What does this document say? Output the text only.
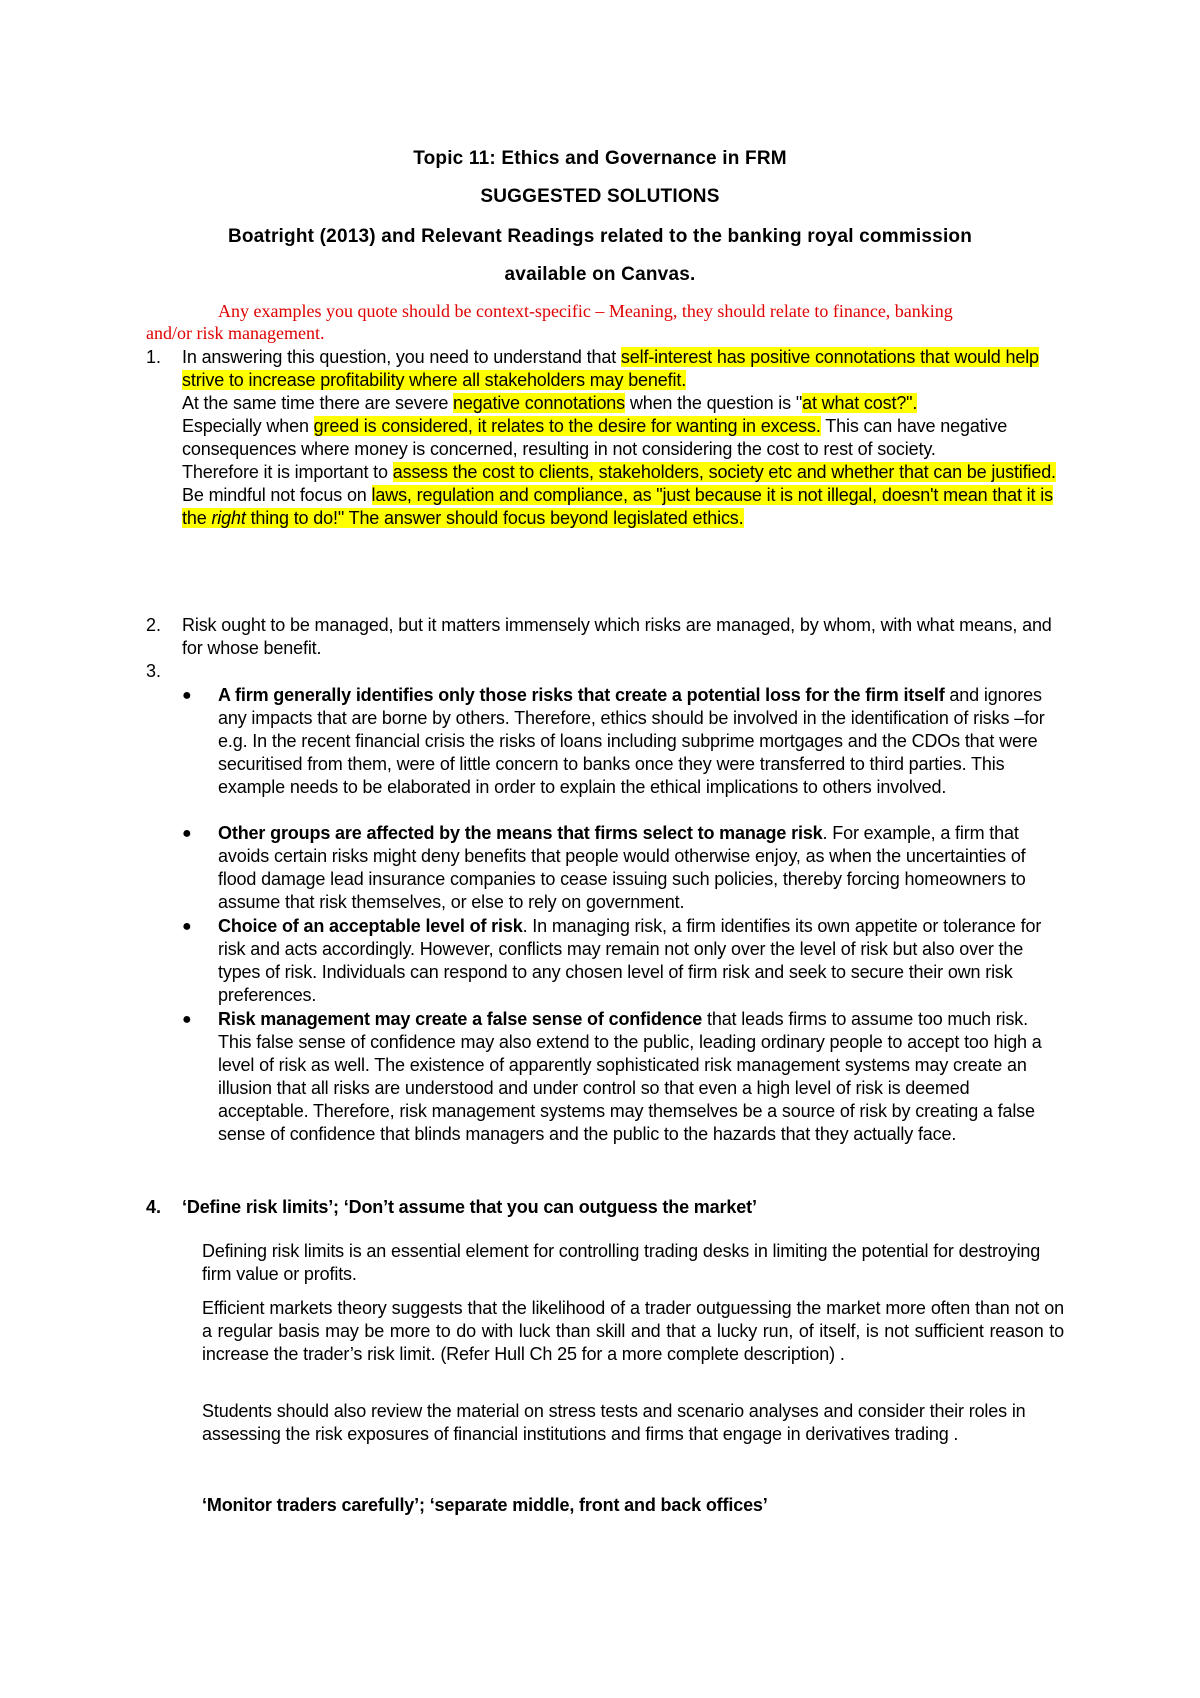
Topic 11: Ethics and Governance in FRM
SUGGESTED SOLUTIONS
Boatright (2013) and Relevant Readings related to the banking royal commission
available on Canvas.
Any examples you quote should be context-specific – Meaning, they should relate to finance, banking
and/or risk management.
1. In answering this question, you need to understand that self-interest has positive connotations that would help strive to increase profitability where all stakeholders may benefit.
At the same time there are severe negative connotations when the question is "at what cost?".
Especially when greed is considered, it relates to the desire for wanting in excess. This can have negative consequences where money is concerned, resulting in not considering the cost to rest of society.
Therefore it is important to assess the cost to clients, stakeholders, society etc and whether that can be justified.
Be mindful not focus on laws, regulation and compliance, as "just because it is not illegal, doesn't mean that it is the right thing to do!" The answer should focus beyond legislated ethics.
2. Risk ought to be managed, but it matters immensely which risks are managed, by whom, with what means, and for whose benefit.
3.
● A firm generally identifies only those risks that create a potential loss for the firm itself and ignores any impacts that are borne by others. Therefore, ethics should be involved in the identification of risks –for e.g. In the recent financial crisis the risks of loans including subprime mortgages and the CDOs that were securitised from them, were of little concern to banks once they were transferred to third parties. This example needs to be elaborated in order to explain the ethical implications to others involved.
● Other groups are affected by the means that firms select to manage risk. For example, a firm that avoids certain risks might deny benefits that people would otherwise enjoy, as when the uncertainties of flood damage lead insurance companies to cease issuing such policies, thereby forcing homeowners to assume that risk themselves, or else to rely on government.
● Choice of an acceptable level of risk. In managing risk, a firm identifies its own appetite or tolerance for risk and acts accordingly. However, conflicts may remain not only over the level of risk but also over the types of risk. Individuals can respond to any chosen level of firm risk and seek to secure their own risk preferences.
● Risk management may create a false sense of confidence that leads firms to assume too much risk. This false sense of confidence may also extend to the public, leading ordinary people to accept too high a level of risk as well. The existence of apparently sophisticated risk management systems may create an illusion that all risks are understood and under control so that even a high level of risk is deemed acceptable. Therefore, risk management systems may themselves be a source of risk by creating a false sense of confidence that blinds managers and the public to the hazards that they actually face.
4. ‘Define risk limits’; ‘Don’t assume that you can outguess the market’
Defining risk limits is an essential element for controlling trading desks in limiting the potential for destroying firm value or profits.
Efficient markets theory suggests that the likelihood of a trader outguessing the market more often than not on a regular basis may be more to do with luck than skill and that a lucky run, of itself, is not sufficient reason to increase the trader’s risk limit. (Refer Hull Ch 25 for a more complete description) .
Students should also review the material on stress tests and scenario analyses and consider their roles in assessing the risk exposures of financial institutions and firms that engage in derivatives trading .
‘Monitor traders carefully’; ‘separate middle, front and back offices’
